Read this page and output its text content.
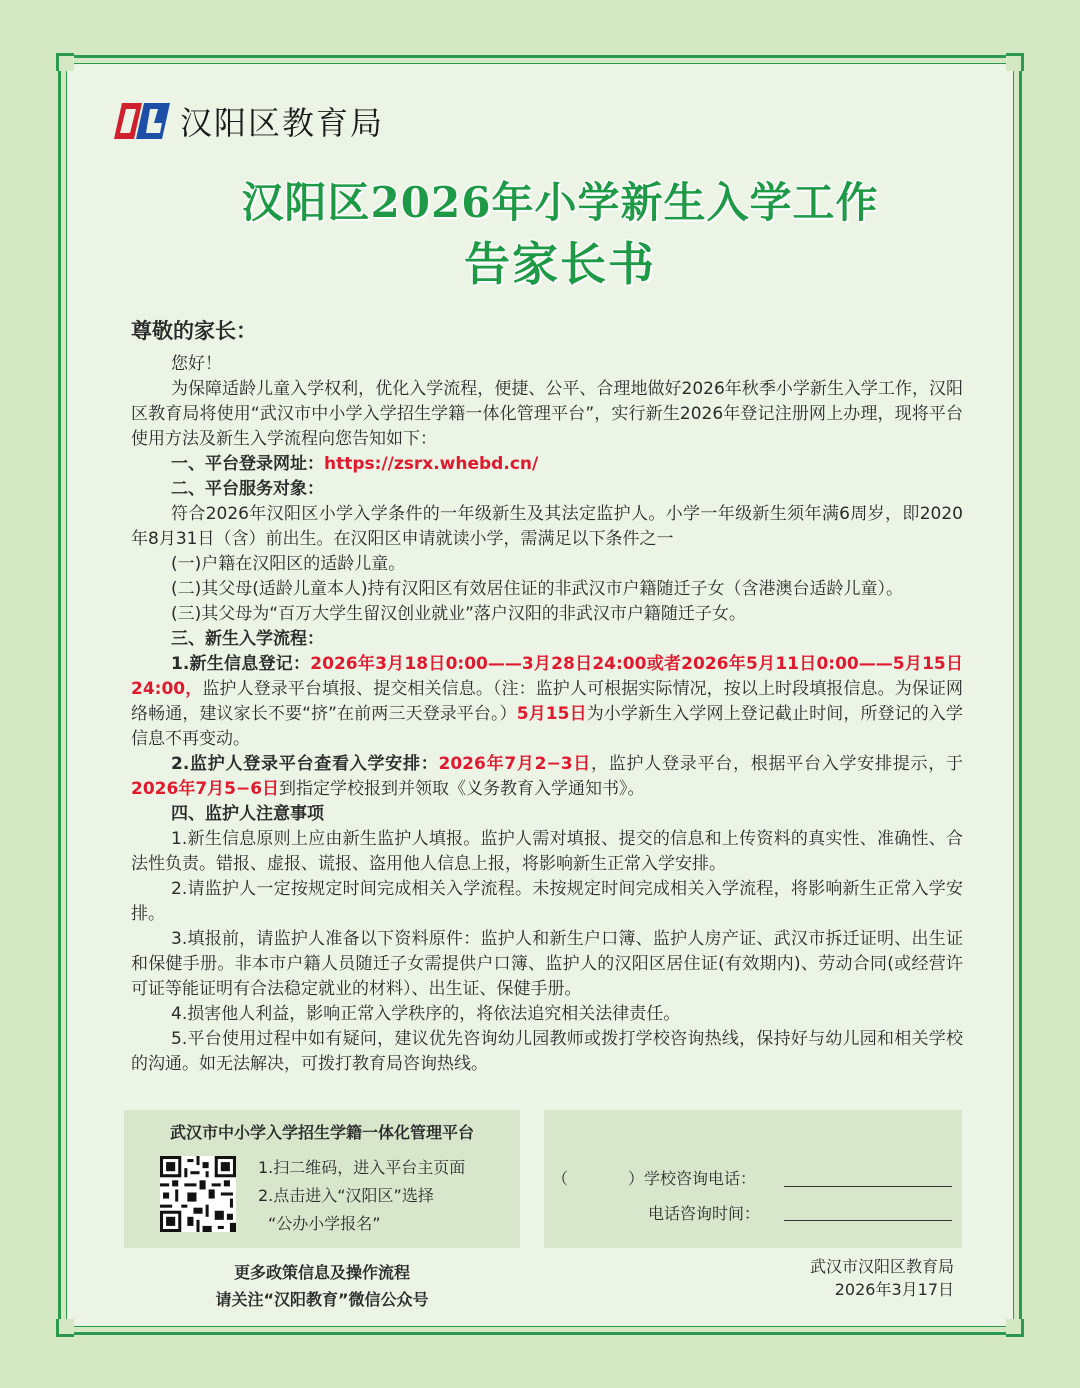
汉阳区教育局
汉阳区2026年小学新生入学工作
告家长书
尊敬的家长：

您好！

为保障适龄儿童入学权利，优化入学流程，便捷、公平、合理地做好2026年秋季小学新生入学工作，汉阳区教育局将使用“武汉市中小学入学招生学籍一体化管理平台”，实行新生2026年登记注册网上办理，现将平台使用方法及新生入学流程向您告知如下：

一、平台登录网址：https://zsrx.whebd.cn/

二、平台服务对象：

符合2026年汉阳区小学入学条件的一年级新生及其法定监护人。小学一年级新生须年满6周岁，即2020年8月31日（含）前出生。在汉阳区申请就读小学，需满足以下条件之一

(一)户籍在汉阳区的适龄儿童。

(二)其父母(适龄儿童本人)持有汉阳区有效居住证的非武汉市户籍随迁子女（含港澳台适龄儿童）。

(三)其父母为“百万大学生留汉创业就业”落户汉阳的非武汉市户籍随迁子女。

三、新生入学流程：

1.新生信息登记：2026年3月18日0:00——3月28日24:00或者2026年5月11日0:00——5月15日24:00，监护人登录平台填报、提交相关信息。（注：监护人可根据实际情况，按以上时段填报信息。为保证网络畅通，建议家长不要“挤”在前两三天登录平台。）5月15日为小学新生入学网上登记截止时间，所登记的入学信息不再变动。

2.监护人登录平台查看入学安排：2026年7月2−3日，监护人登录平台，根据平台入学安排提示，于2026年7月5−6日到指定学校报到并领取《义务教育入学通知书》。

四、监护人注意事项

1.新生信息原则上应由新生监护人填报。监护人需对填报、提交的信息和上传资料的真实性、准确性、合法性负责。错报、虚报、谎报、盗用他人信息上报，将影响新生正常入学安排。

2.请监护人一定按规定时间完成相关入学流程。未按规定时间完成相关入学流程，将影响新生正常入学安排。

3.填报前，请监护人准备以下资料原件：监护人和新生户口簿、监护人房产证、武汉市拆迁证明、出生证和保健手册。非本市户籍人员随迁子女需提供户口簿、监护人的汉阳区居住证(有效期内)、劳动合同(或经营许可证等能证明有合法稳定就业的材料）、出生证、保健手册。

4.损害他人利益，影响正常入学秩序的，将依法追究相关法律责任。

5.平台使用过程中如有疑问，建议优先咨询幼儿园教师或拨打学校咨询热线，保持好与幼儿园和相关学校的沟通。如无法解决，可拨打教育局咨询热线。

武汉市中小学入学招生学籍一体化管理平台
1.扫二维码，进入平台主页面
2.点击进入“汉阳区”选择
“公办小学报名”
（	）学校咨询电话：
电话咨询时间：
更多政策信息及操作流程
请关注“汉阳教育”微信公众号
武汉市汉阳区教育局
2026年3月17日
